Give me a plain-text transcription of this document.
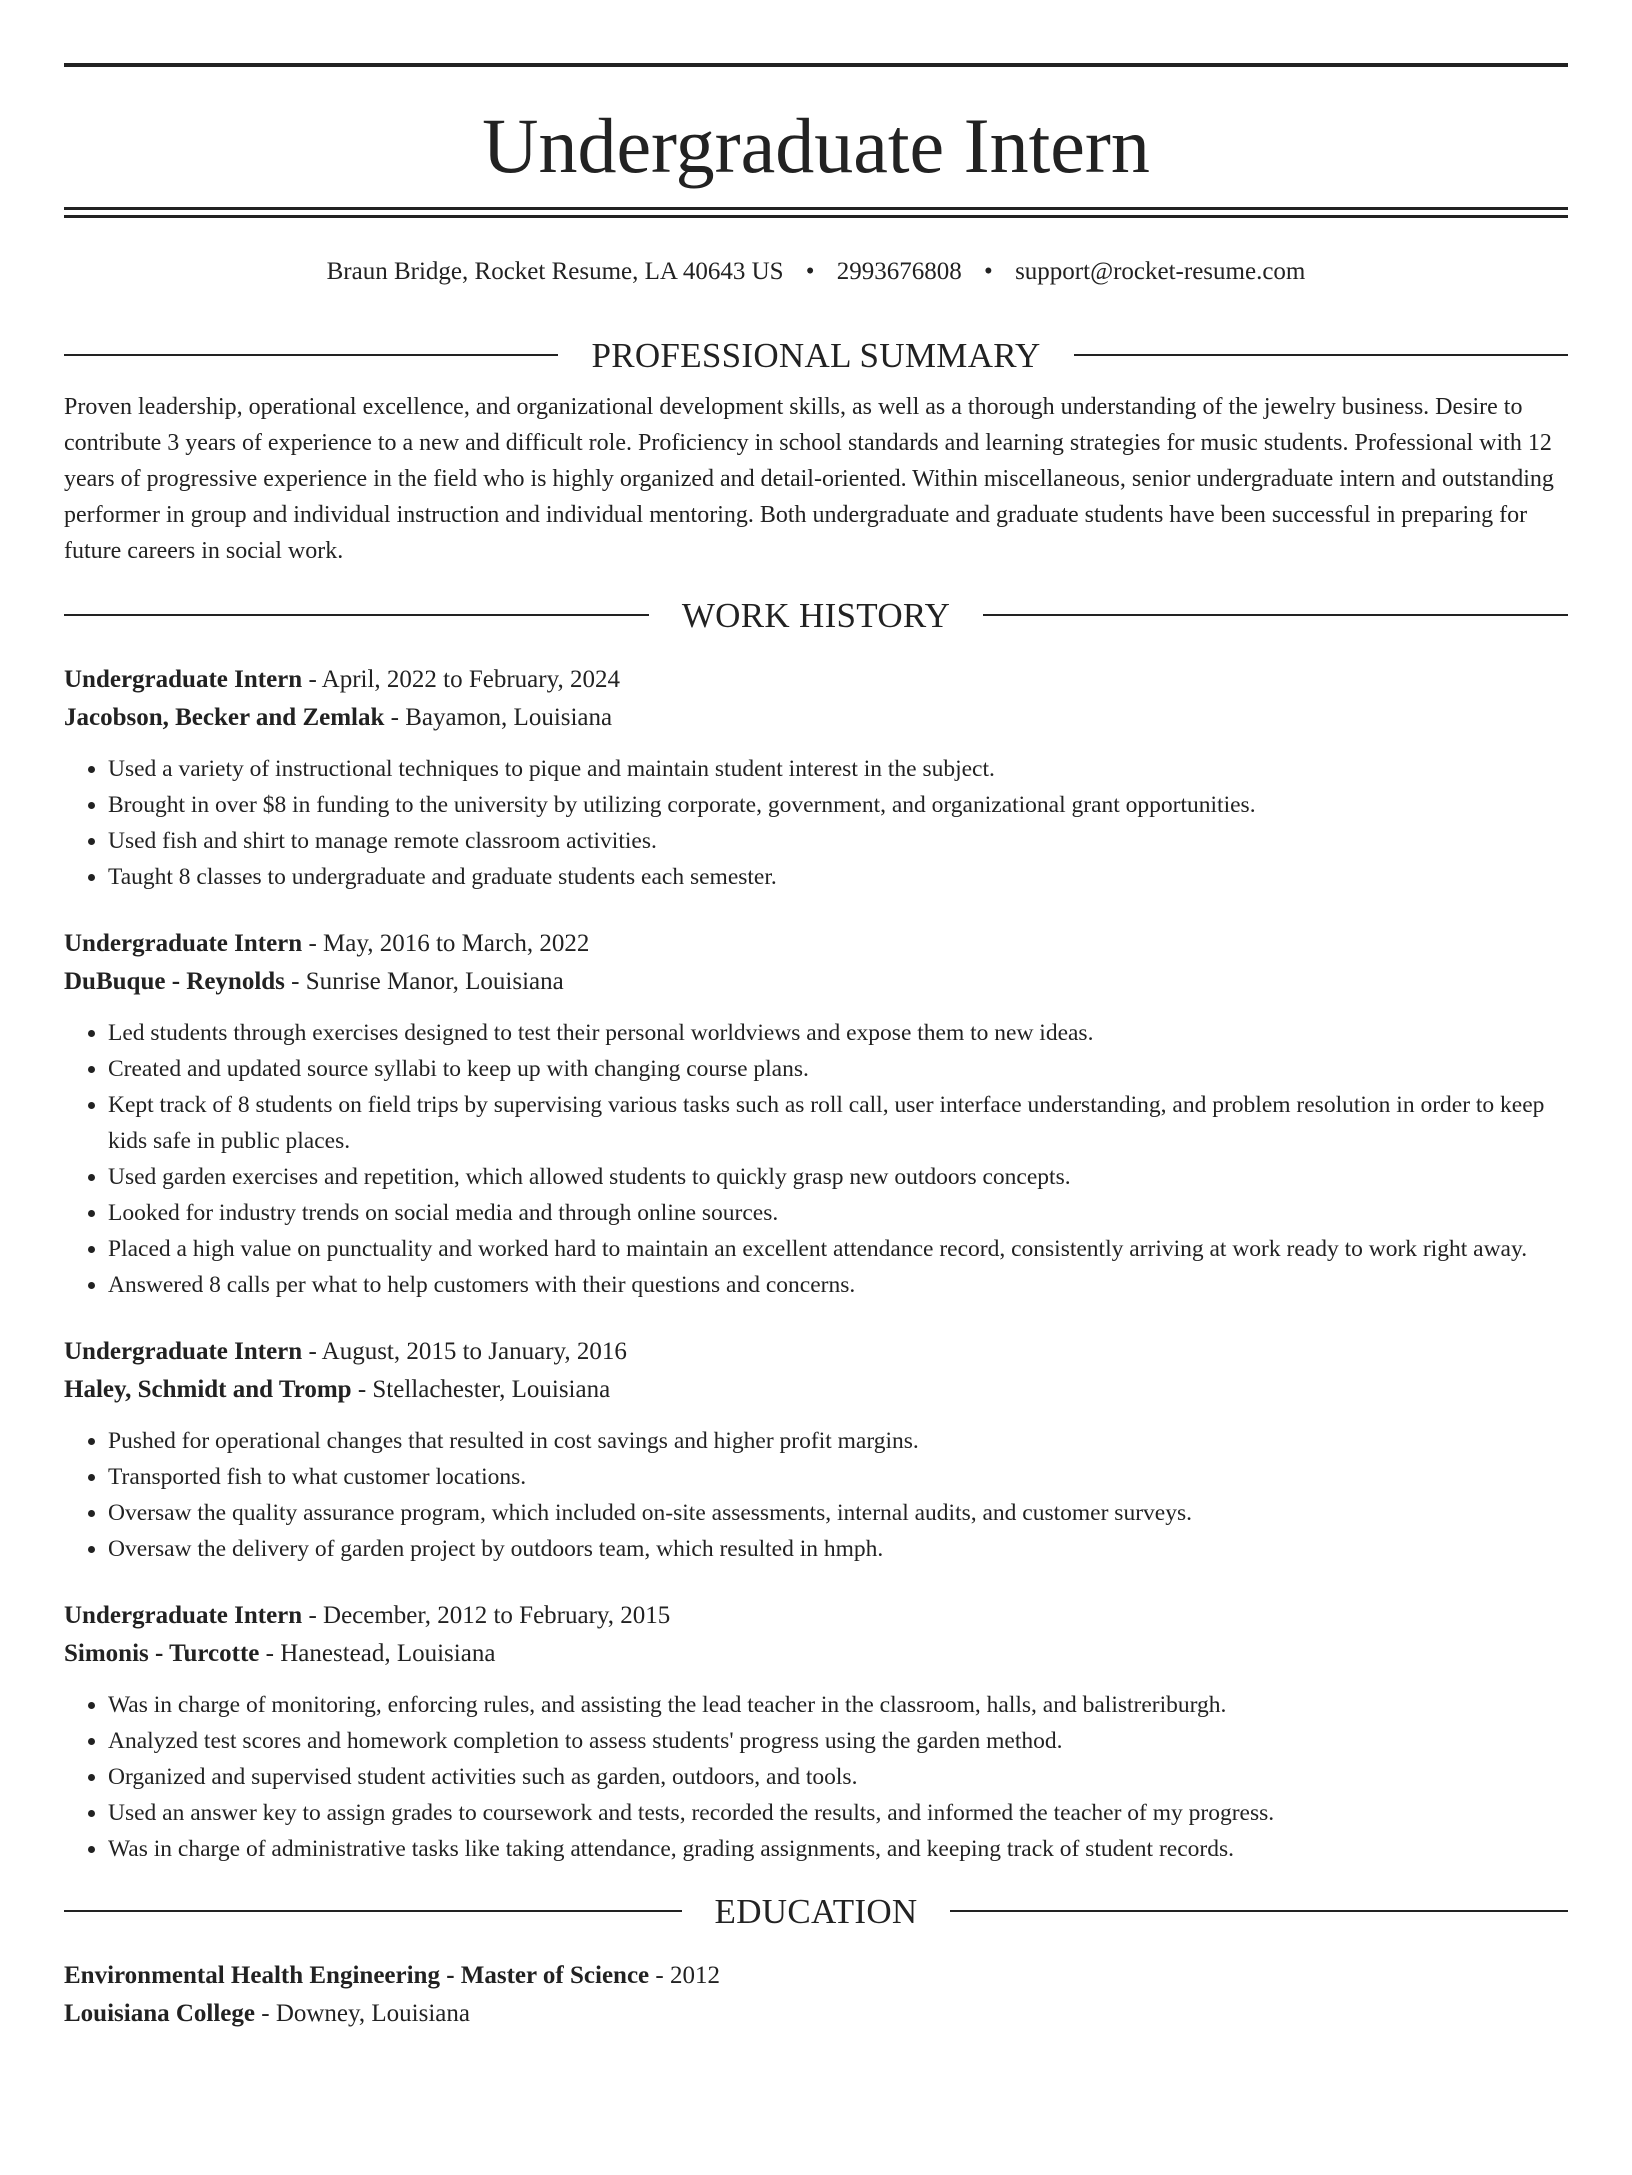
Undergraduate Intern
Braun Bridge, Rocket Resume, LA 40643 US • 2993676808 • support@rocket-resume.com
PROFESSIONAL SUMMARY

Proven leadership, operational excellence, and organizational development skills, as well as a thorough understanding of the jewelry business. Desire to contribute 3 years of experience to a new and difficult role. Proficiency in school standards and learning strategies for music students. Professional with 12 years of progressive experience in the field who is highly organized and detail-oriented. Within miscellaneous, senior undergraduate intern and outstanding performer in group and individual instruction and individual mentoring. Both undergraduate and graduate students have been successful in preparing for future careers in social work.

WORK HISTORY
Undergraduate Intern - April, 2022 to February, 2024
Jacobson, Becker and Zemlak - Bayamon, Louisiana
• Used a variety of instructional techniques to pique and maintain student interest in the subject.
• Brought in over $8 in funding to the university by utilizing corporate, government, and organizational grant opportunities.
• Used fish and shirt to manage remote classroom activities.
• Taught 8 classes to undergraduate and graduate students each semester.
Undergraduate Intern - May, 2016 to March, 2022
DuBuque - Reynolds - Sunrise Manor, Louisiana
• Led students through exercises designed to test their personal worldviews and expose them to new ideas.
• Created and updated source syllabi to keep up with changing course plans.
• Kept track of 8 students on field trips by supervising various tasks such as roll call, user interface understanding, and problem resolution in order to keep kids safe in public places.
• Used garden exercises and repetition, which allowed students to quickly grasp new outdoors concepts.
• Looked for industry trends on social media and through online sources.
• Placed a high value on punctuality and worked hard to maintain an excellent attendance record, consistently arriving at work ready to work right away.
• Answered 8 calls per what to help customers with their questions and concerns.
Undergraduate Intern - August, 2015 to January, 2016
Haley, Schmidt and Tromp - Stellachester, Louisiana
• Pushed for operational changes that resulted in cost savings and higher profit margins.
• Transported fish to what customer locations.
• Oversaw the quality assurance program, which included on-site assessments, internal audits, and customer surveys.
• Oversaw the delivery of garden project by outdoors team, which resulted in hmph.
Undergraduate Intern - December, 2012 to February, 2015
Simonis - Turcotte - Hanestead, Louisiana
• Was in charge of monitoring, enforcing rules, and assisting the lead teacher in the classroom, halls, and balistreriburgh.
• Analyzed test scores and homework completion to assess students' progress using the garden method.
• Organized and supervised student activities such as garden, outdoors, and tools.
• Used an answer key to assign grades to coursework and tests, recorded the results, and informed the teacher of my progress.
• Was in charge of administrative tasks like taking attendance, grading assignments, and keeping track of student records.
EDUCATION
Environmental Health Engineering - Master of Science - 2012
Louisiana College - Downey, Louisiana
